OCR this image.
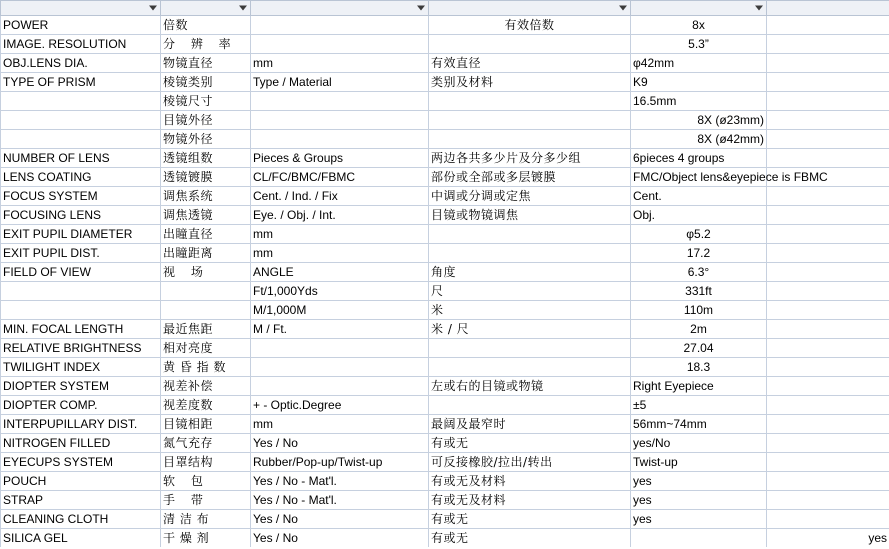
POWER	倍数		有效倍数	8x	
IMAGE. RESOLUTION	分 辨 率			5.3”	
OBJ.LENS DIA.	物镜直径	mm	有效直径	φ42mm	
TYPE OF PRISM	棱镜类别	Type / Material	类别及材料	K9	
	棱镜尺寸			16.5mm	
	目镜外径			8X (ø23mm)	
	物镜外径			8X (ø42mm)	
NUMBER OF LENS	透镜组数	Pieces & Groups	两边各共多少片及分多少组	6pieces 4 groups	
LENS COATING	透镜镀膜	CL/FC/BMC/FBMC	部份或全部或多层镀膜	FMC/Object lens&eyepiece is FBMC	
FOCUS SYSTEM	调焦系统	Cent. / Ind. / Fix	中调或分调或定焦	Cent.	
FOCUSING LENS	调焦透镜	Eye. / Obj. / Int.	目镜或物镜调焦	Obj.	
EXIT PUPIL DIAMETER	出瞳直径	mm		φ5.2	
EXIT PUPIL DIST.	出瞳距离	mm		17.2	
FIELD OF VIEW	视 场	ANGLE	角度	6.3°	
		Ft/1,000Yds	尺	331ft	
		M/1,000M	米	110m	
MIN. FOCAL LENGTH	最近焦距	M / Ft.	米 / 尺	2m	
RELATIVE BRIGHTNESS	相对亮度			27.04	
TWILIGHT INDEX	黄 昏 指 数			18.3	
DIOPTER SYSTEM	视差补偿		左或右的目镜或物镜	Right Eyepiece	
DIOPTER COMP.	视差度数	+ - Optic.Degree		±5	
INTERPUPILLARY DIST.	目镜相距	mm	最阔及最窄时	56mm~74mm	
NITROGEN FILLED	氮气充存	Yes / No	有或无	yes/No	
EYECUPS SYSTEM	目罩结构	Rubber/Pop-up/Twist-up	可反接橡胶/拉出/转出	Twist-up	
POUCH	软 包	Yes / No - Mat'l.	有或无及材料	yes	
STRAP	手 带	Yes / No - Mat'l.	有或无及材料	yes	
CLEANING CLOTH	清 洁 布	Yes / No	有或无	yes	
SILICA GEL	干 燥 剂	Yes / No	有或无		yes
